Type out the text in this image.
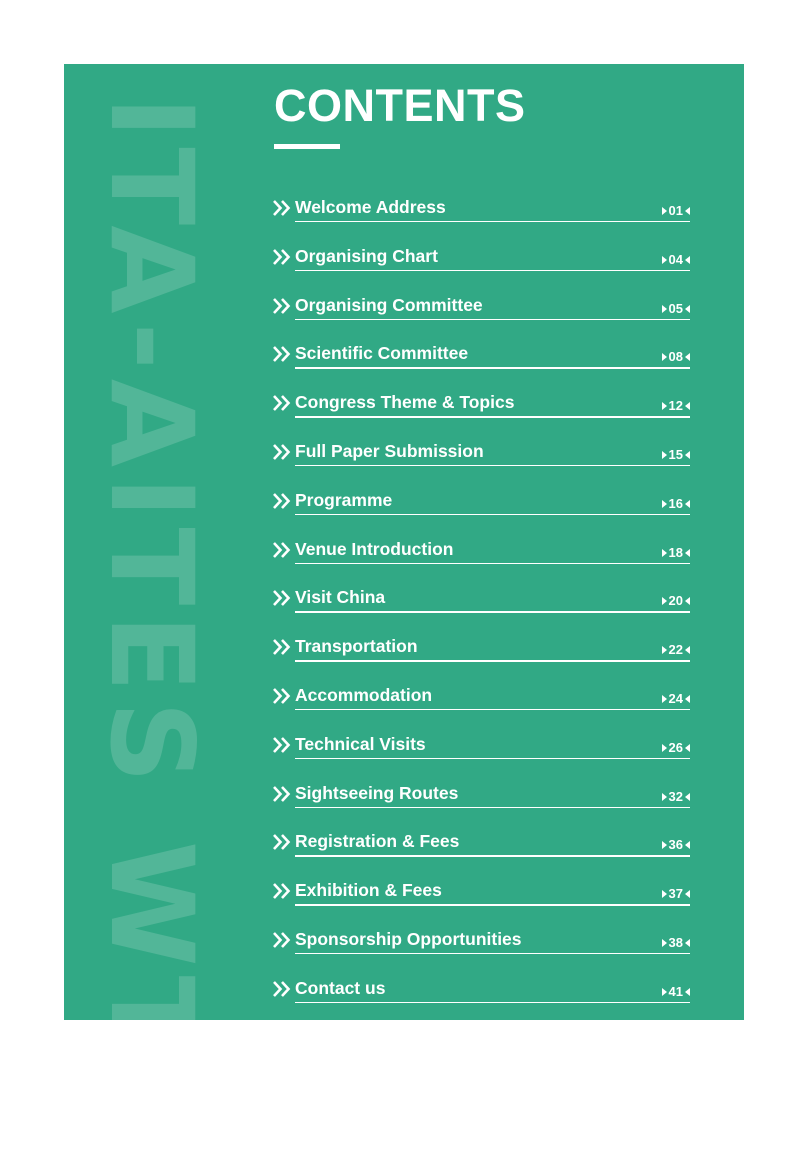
ITA-AITES WTC CONTENTS
Welcome Address	01
Organising Chart	04
Organising Committee	05
Scientific Committee	08
Congress Theme & Topics	12
Full Paper Submission	15
Programme	16
Venue Introduction	18
Visit China	20
Transportation	22
Accommodation	24
Technical Visits	26
Sightseeing Routes	32
Registration & Fees	36
Exhibition & Fees	37
Sponsorship Opportunities	38
Contact us	41
